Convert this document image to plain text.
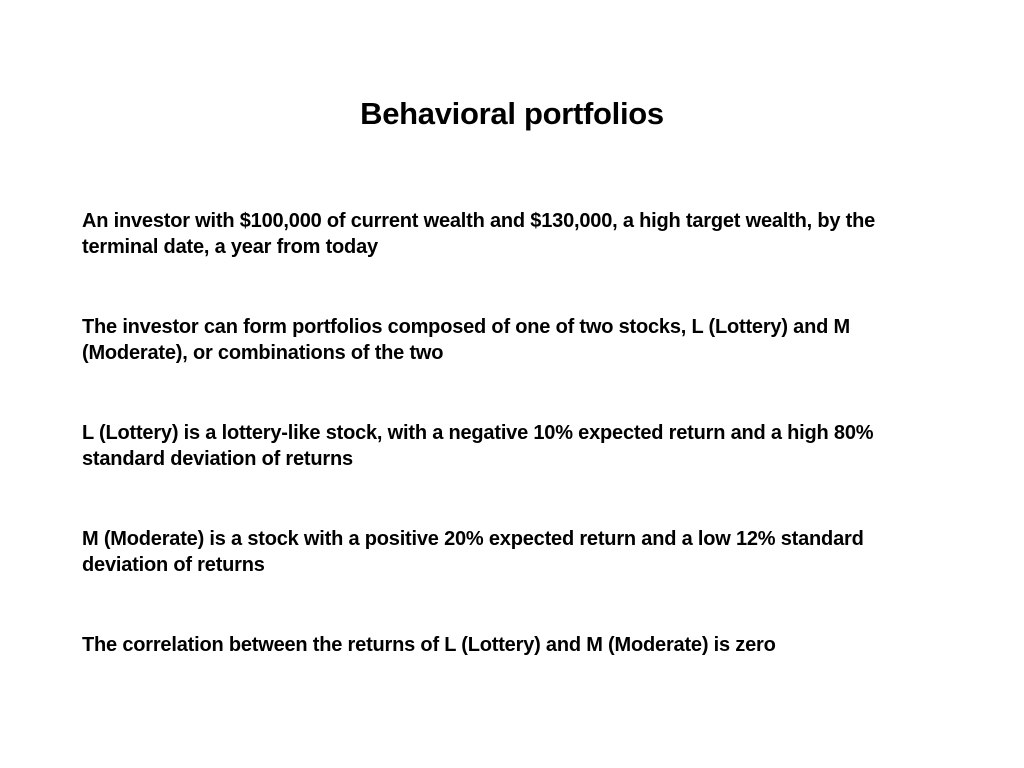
Behavioral portfolios
An investor with $100,000 of current wealth and $130,000, a high target wealth, by the terminal date, a year from today
The investor can form portfolios composed of one of two stocks, L (Lottery) and M (Moderate), or combinations of the two
L (Lottery) is a lottery-like stock, with a negative 10% expected return and a high 80% standard deviation of returns
M (Moderate) is a stock with a positive 20% expected return and a low 12% standard deviation of returns
The correlation between the returns of L (Lottery) and M (Moderate) is zero
